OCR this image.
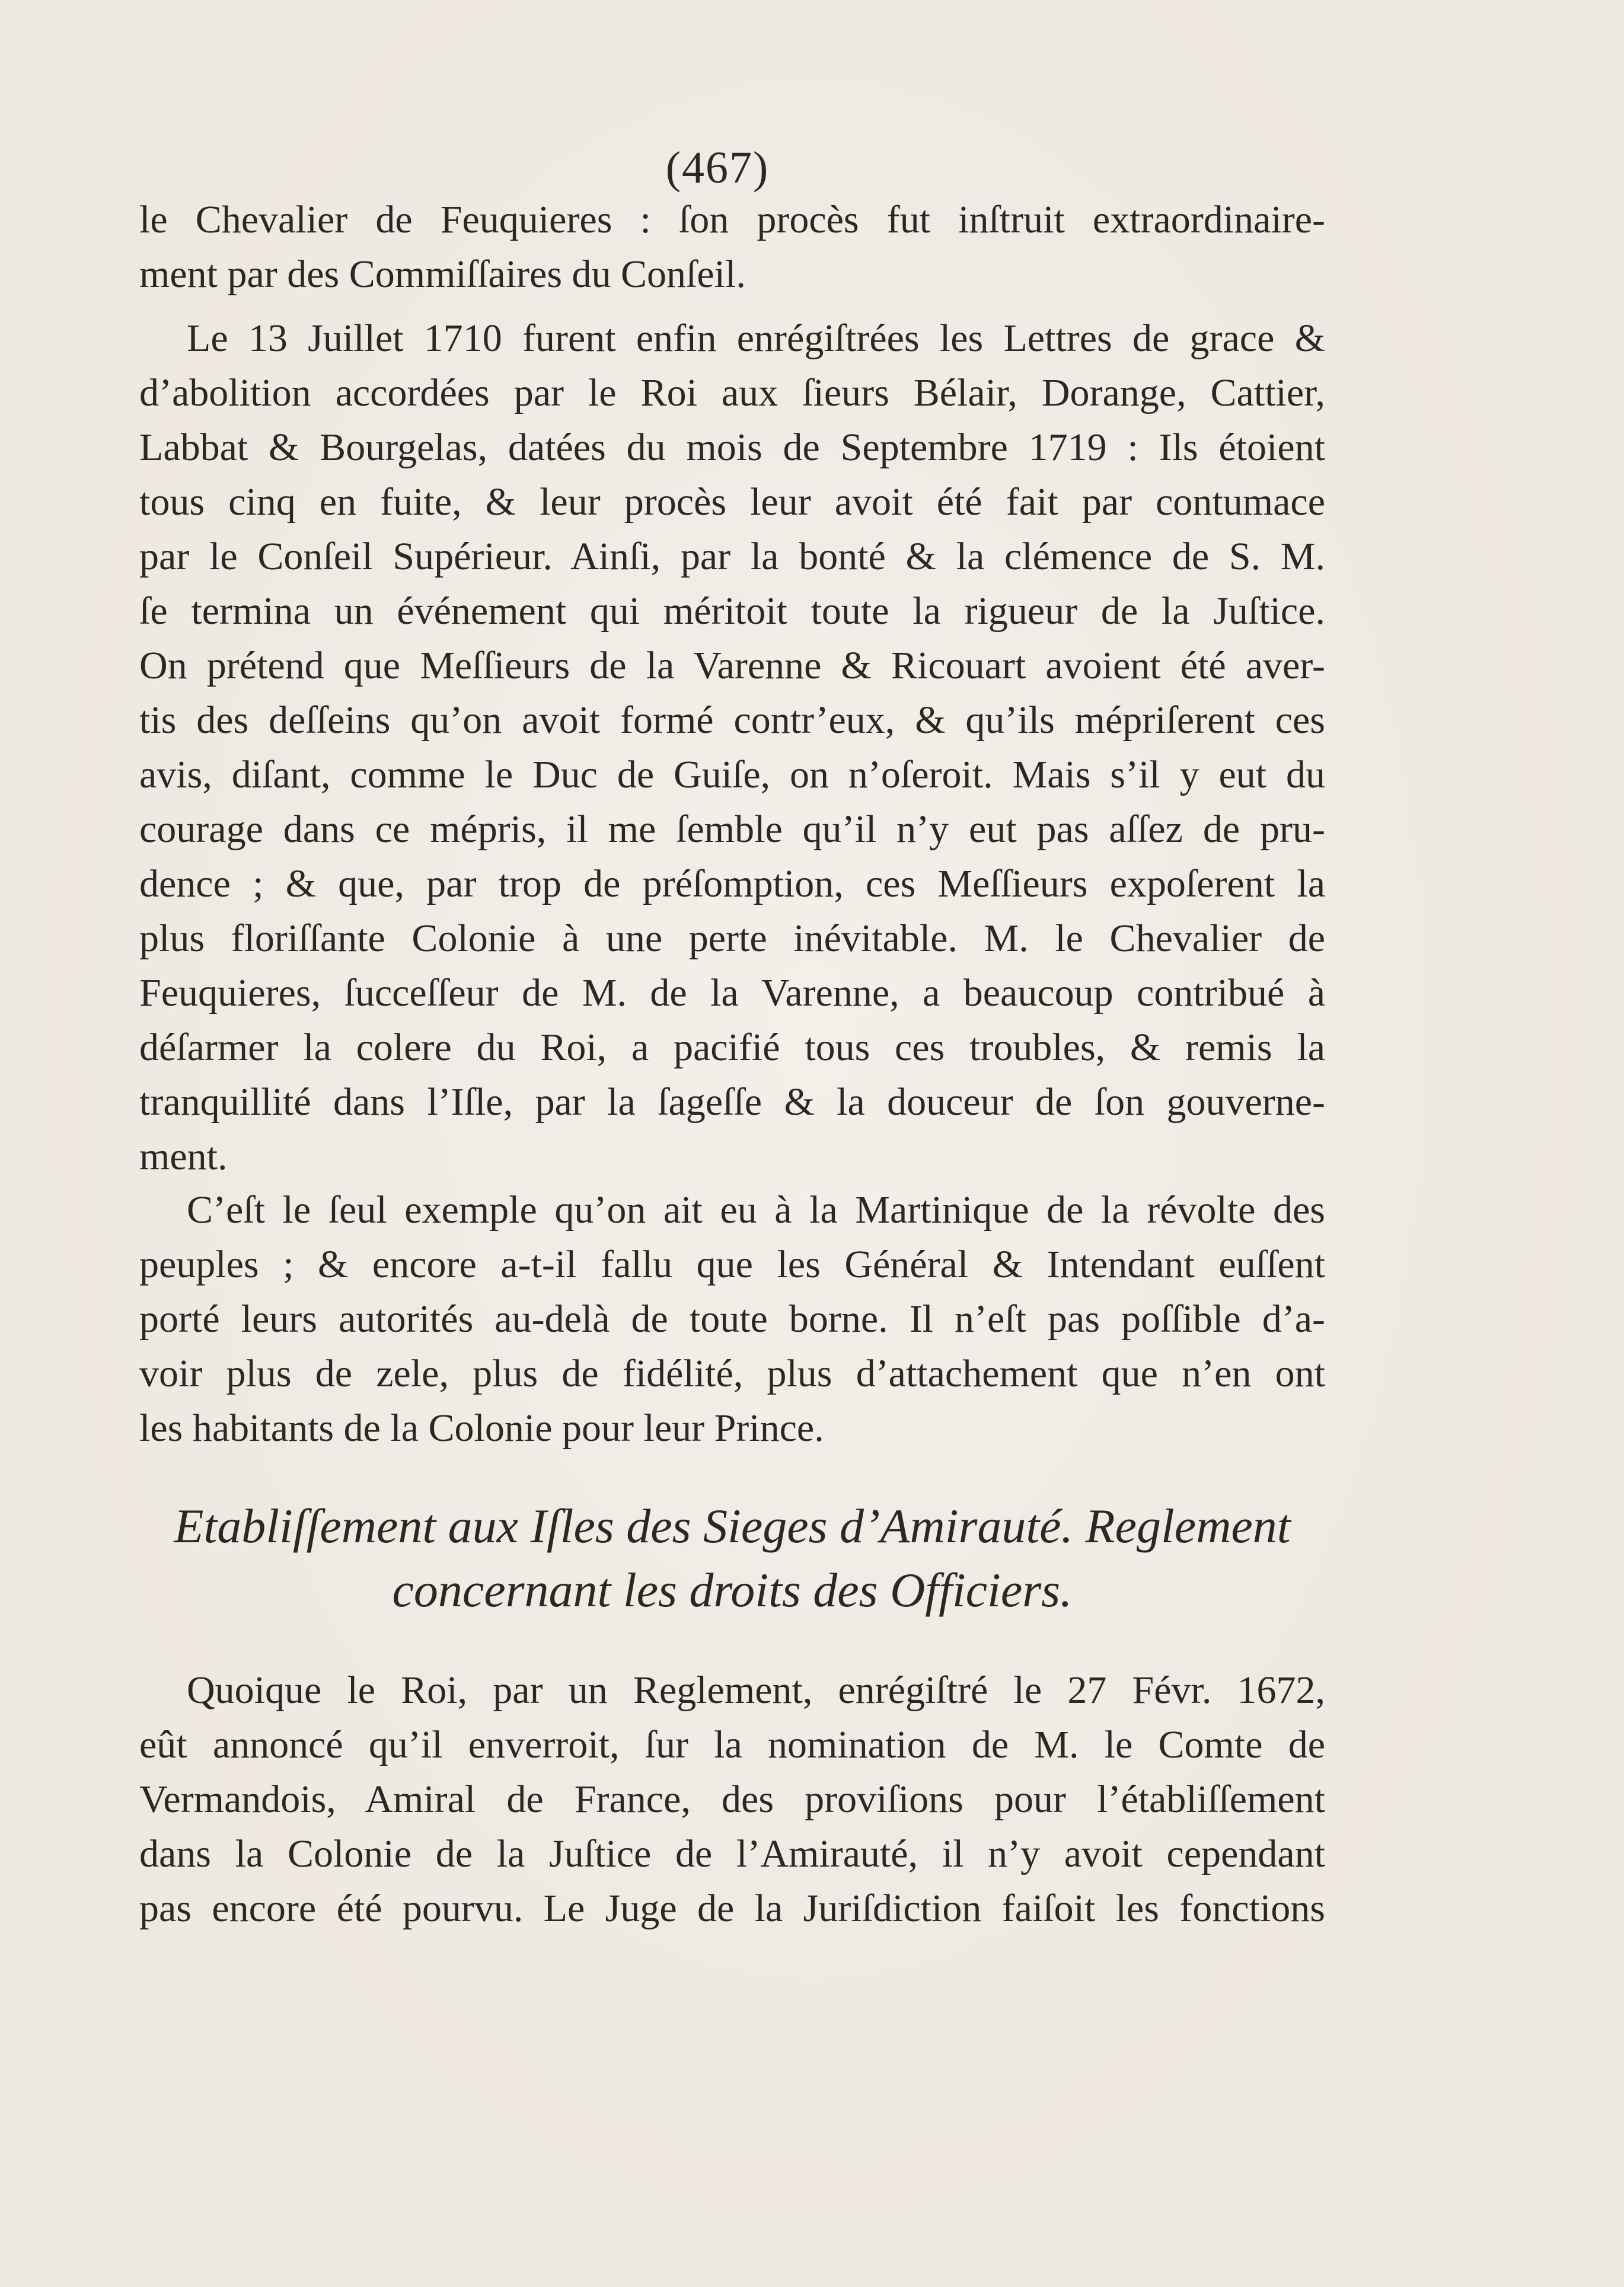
(467)
le Chevalier de Feuquieres : ſon procès fut inſtruit extraordinaire-
ment par des Commiſſaires du Conſeil.
Le 13 Juillet 1710 furent enfin enrégiſtrées les Lettres de grace &
d’abolition accordées par le Roi aux ſieurs Bélair, Dorange, Cattier,
Labbat & Bourgelas, datées du mois de Septembre 1719 : Ils étoient
tous cinq en fuite, & leur procès leur avoit été fait par contumace
par le Conſeil Supérieur. Ainſi, par la bonté & la clémence de S. M.
ſe termina un événement qui méritoit toute la rigueur de la Juſtice.
On prétend que Meſſieurs de la Varenne & Ricouart avoient été aver-
tis des deſſeins qu’on avoit formé contr’eux, & qu’ils mépriſerent ces
avis, diſant, comme le Duc de Guiſe, on n’oſeroit. Mais s’il y eut du
courage dans ce mépris, il me ſemble qu’il n’y eut pas aſſez de pru-
dence ; & que, par trop de préſomption, ces Meſſieurs expoſerent la
plus floriſſante Colonie à une perte inévitable. M. le Chevalier de
Feuquieres, ſucceſſeur de M. de la Varenne, a beaucoup contribué à
déſarmer la colere du Roi, a pacifié tous ces troubles, & remis la
tranquillité dans l’Iſle, par la ſageſſe & la douceur de ſon gouverne-
ment.
C’eſt le ſeul exemple qu’on ait eu à la Martinique de la révolte des
peuples ; & encore a-t-il fallu que les Général & Intendant euſſent
porté leurs autorités au-delà de toute borne. Il n’eſt pas poſſible d’a-
voir plus de zele, plus de fidélité, plus d’attachement que n’en ont
les habitants de la Colonie pour leur Prince.
Etabliſſement aux Iſles des Sieges d’Amirauté. Reglement
concernant les droits des Officiers.
Quoique le Roi, par un Reglement, enrégiſtré le 27 Févr. 1672,
eût annoncé qu’il enverroit, ſur la nomination de M. le Comte de
Vermandois, Amiral de France, des proviſions pour l’établiſſement
dans la Colonie de la Juſtice de l’Amirauté, il n’y avoit cependant
pas encore été pourvu. Le Juge de la Juriſdiction faiſoit les fonctions
